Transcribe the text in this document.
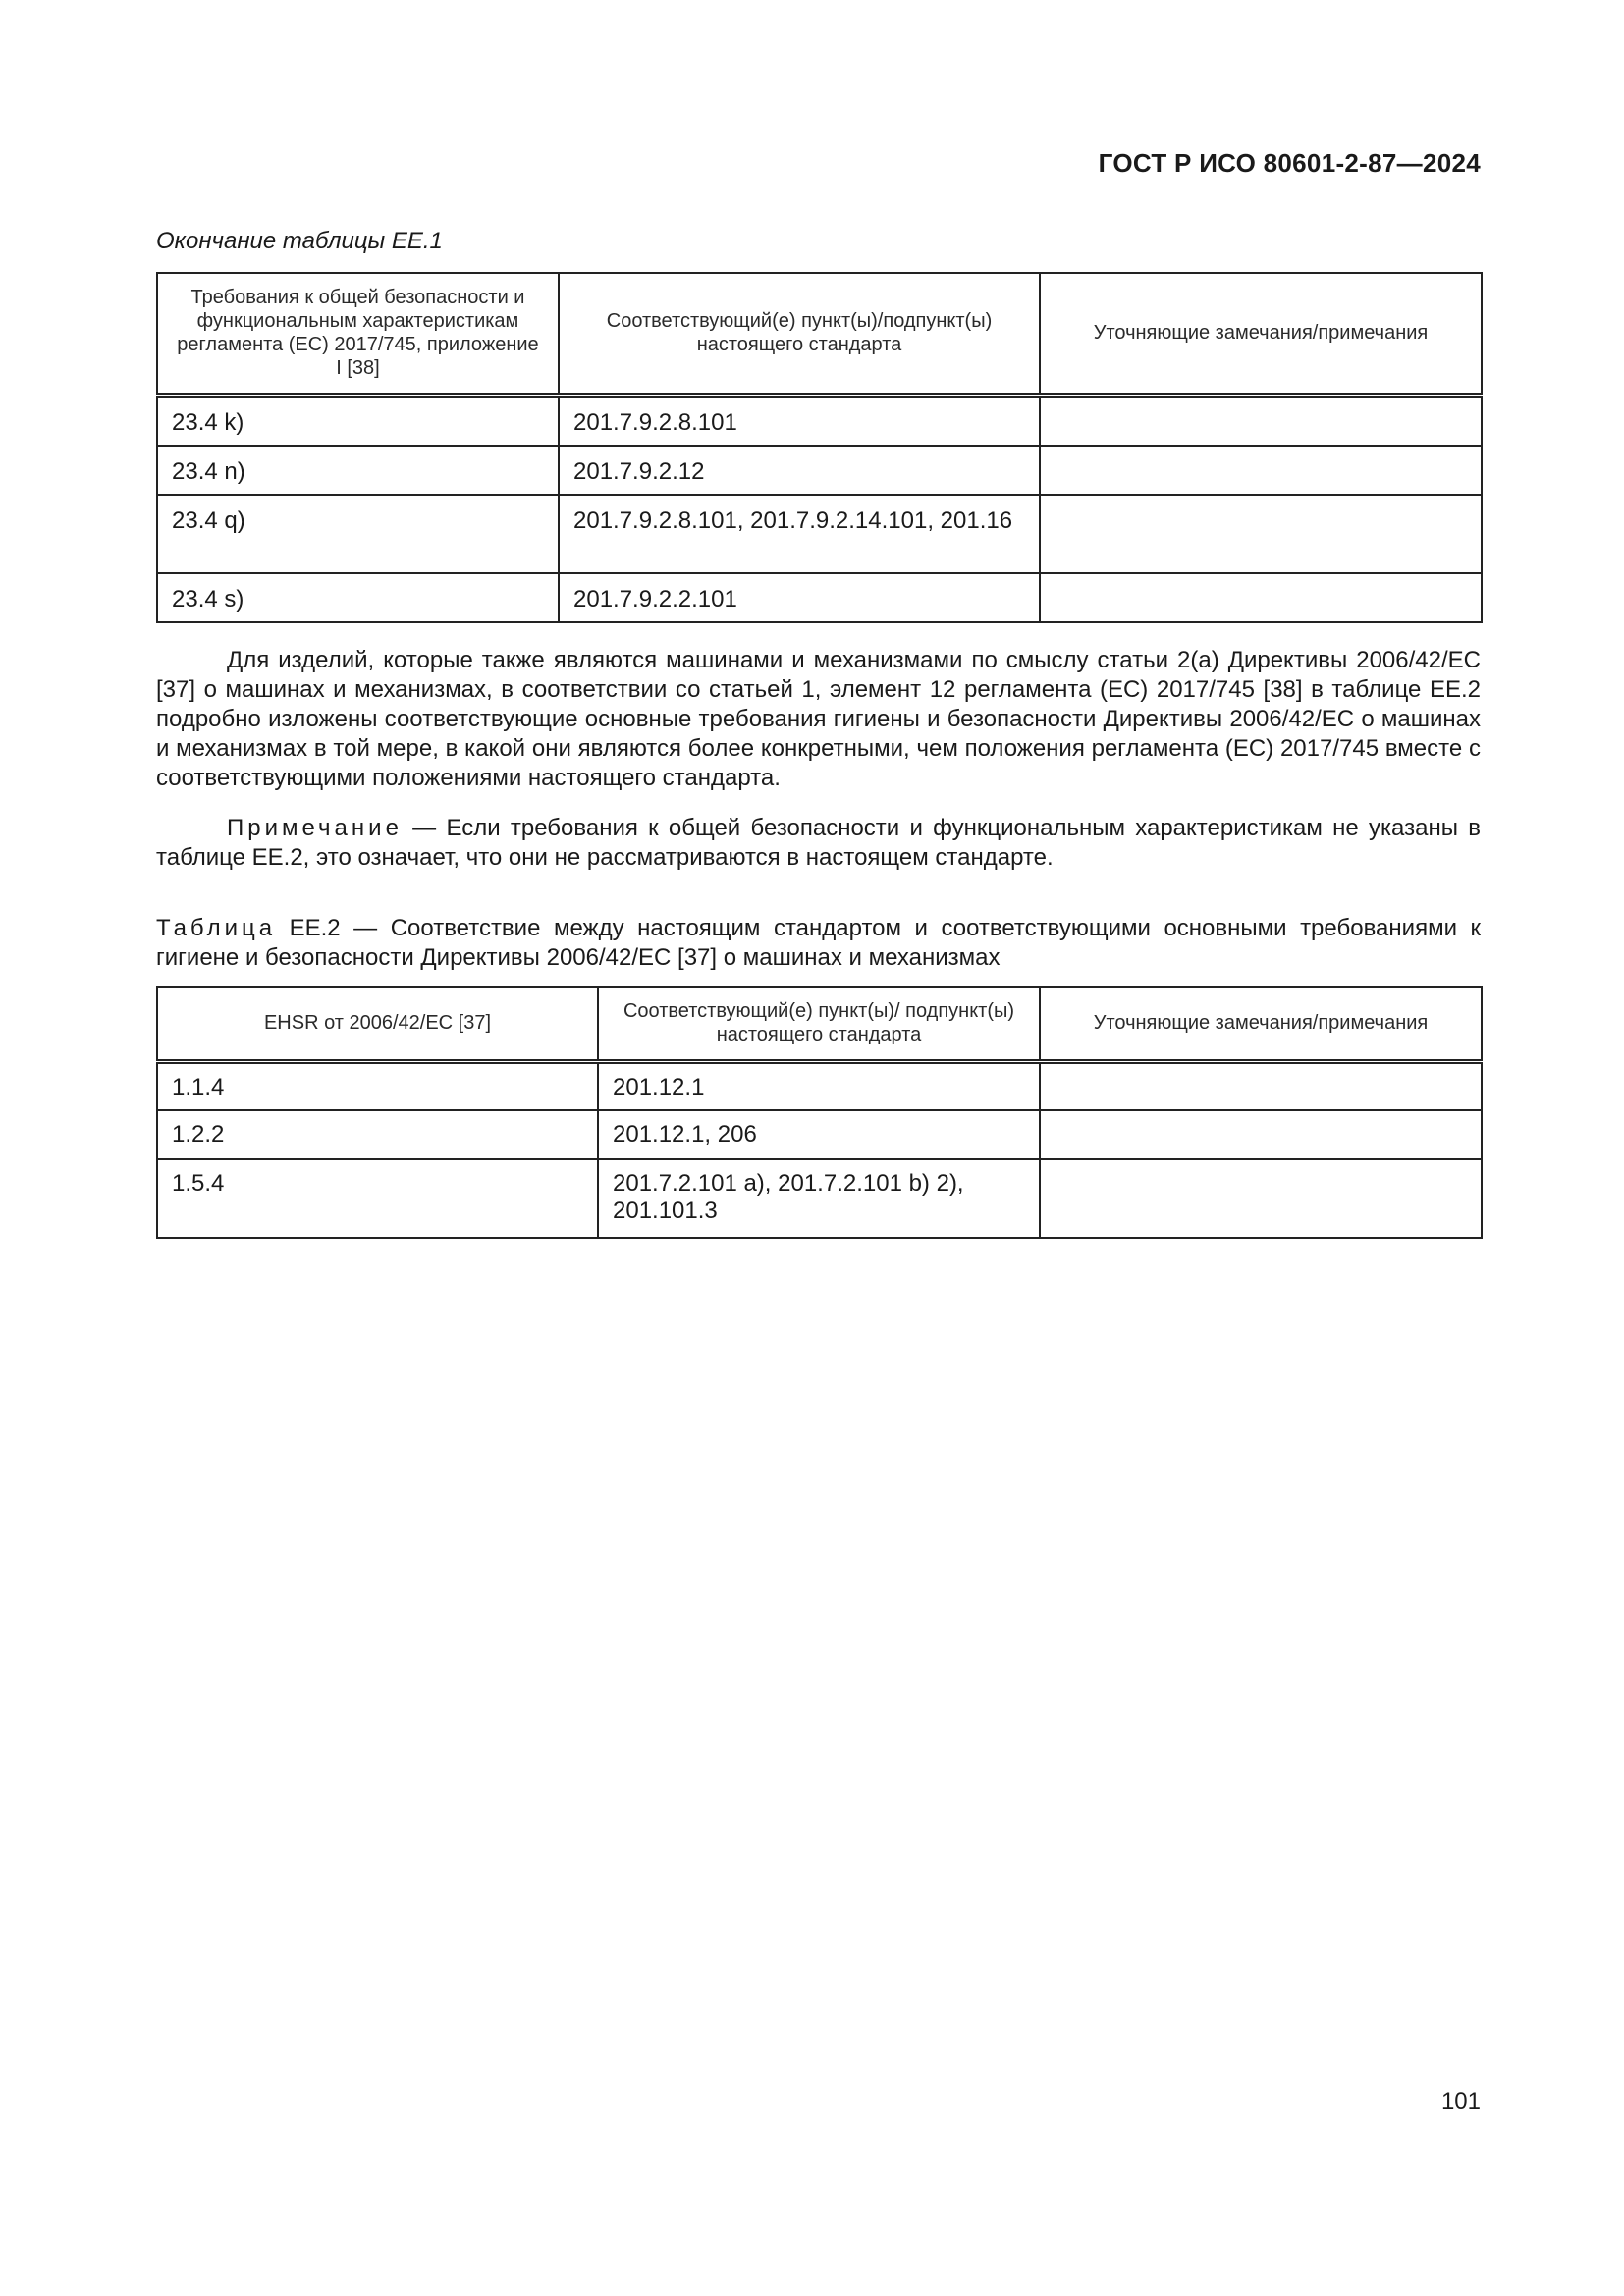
ГОСТ Р ИСО 80601-2-87—2024
Окончание таблицы EE.1
Требования к общей безопасности и функциональным характеристикам регламента (ЕС) 2017/745, приложение I [38]	Соответствующий(е) пункт(ы)/подпункт(ы) настоящего стандарта	Уточняющие замечания/примечания
23.4 k)	201.7.9.2.8.101	
23.4 n)	201.7.9.2.12	
23.4 q)	201.7.9.2.8.101, 201.7.9.2.14.101, 201.16	
23.4 s)	201.7.9.2.2.101	
Для изделий, которые также являются машинами и механизмами по смыслу статьи 2(a) Директивы 2006/42/EC [37] о машинах и механизмах, в соответствии со статьей 1, элемент 12 регламента (ЕС) 2017/745 [38] в таблице ЕЕ.2 подробно изложены соответствующие основные требования гигиены и безопасности Директивы 2006/42/EC о машинах и механизмах в той мере, в какой они являются более конкретными, чем положения регламента (ЕС) 2017/745 вместе с соответствующими положениями настоящего стандарта.
Примечание — Если требования к общей безопасности и функциональным характеристикам не указаны в таблице ЕЕ.2, это означает, что они не рассматриваются в настоящем стандарте.
Таблица ЕЕ.2 — Соответствие между настоящим стандартом и соответствующими основными требованиями к гигиене и безопасности Директивы 2006/42/EC [37] о машинах и механизмах
EHSR от 2006/42/EC [37]	Соответствующий(е) пункт(ы)/ подпункт(ы) настоящего стандарта	Уточняющие замечания/примечания
1.1.4	201.12.1	
1.2.2	201.12.1, 206	
1.5.4	201.7.2.101 a), 201.7.2.101 b) 2), 201.101.3	
101
